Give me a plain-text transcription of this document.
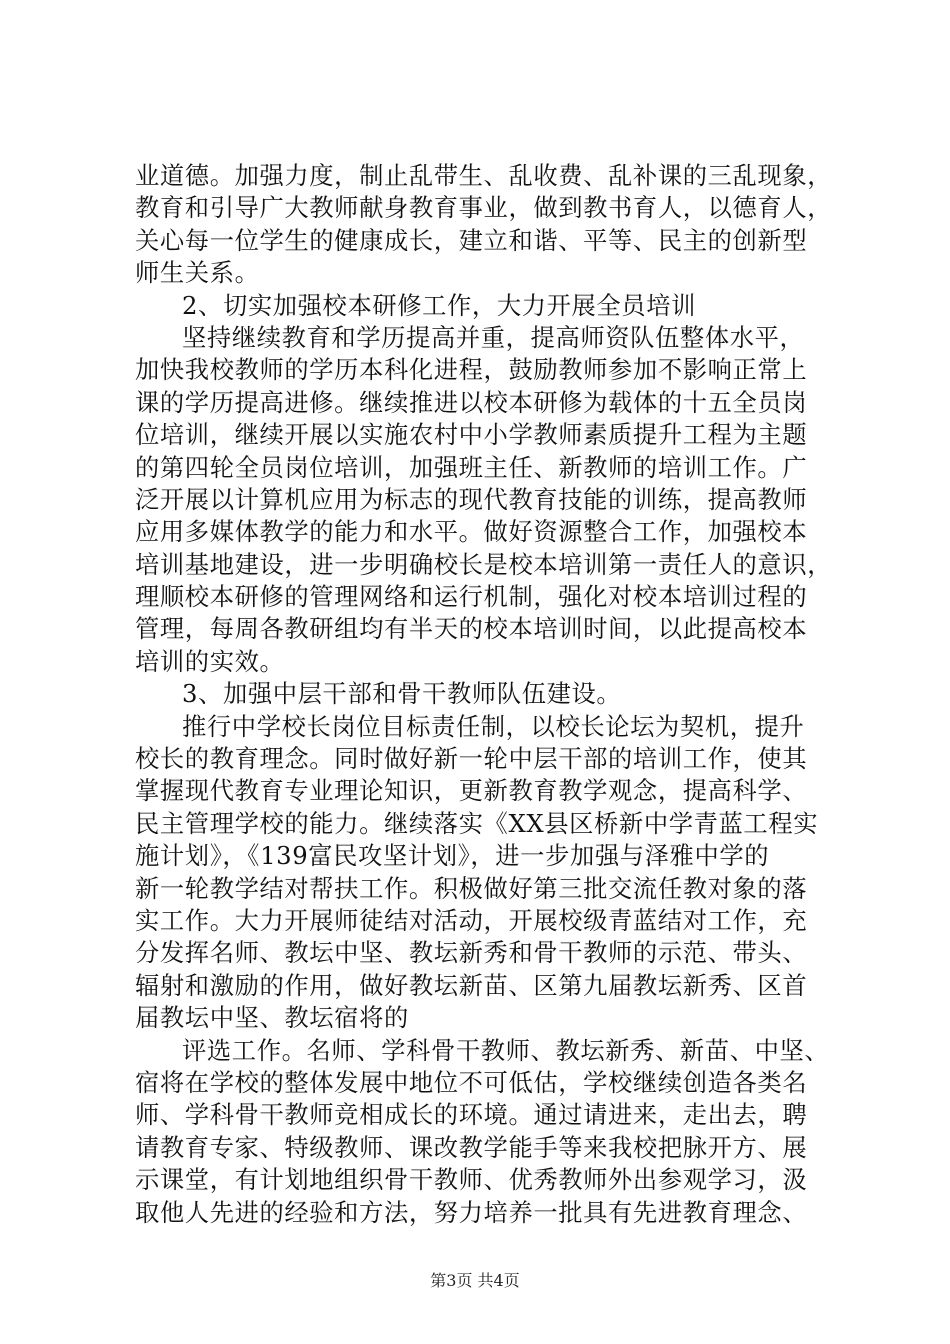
业道德。加强力度，制止乱带生、乱收费、乱补课的三乱现象，
教育和引导广大教师献身教育事业，做到教书育人，以德育人，
关心每一位学生的健康成长，建立和谐、平等、民主的创新型
师生关系。
2、切实加强校本研修工作，大力开展全员培训
坚持继续教育和学历提高并重，提高师资队伍整体水平，
加快我校教师的学历本科化进程，鼓励教师参加不影响正常上
课的学历提高进修。继续推进以校本研修为载体的十五全员岗
位培训，继续开展以实施农村中小学教师素质提升工程为主题
的第四轮全员岗位培训，加强班主任、新教师的培训工作。广
泛开展以计算机应用为标志的现代教育技能的训练，提高教师
应用多媒体教学的能力和水平。做好资源整合工作，加强校本
培训基地建设，进一步明确校长是校本培训第一责任人的意识，
理顺校本研修的管理网络和运行机制，强化对校本培训过程的
管理，每周各教研组均有半天的校本培训时间，以此提高校本
培训的实效。
3、加强中层干部和骨干教师队伍建设。
推行中学校长岗位目标责任制，以校长论坛为契机，提升
校长的教育理念。同时做好新一轮中层干部的培训工作，使其
掌握现代教育专业理论知识，更新教育教学观念，提高科学、
民主管理学校的能力。继续落实《XX县区桥新中学青蓝工程实
施计划》，《139富民攻坚计划》，进一步加强与泽雅中学的
新一轮教学结对帮扶工作。积极做好第三批交流任教对象的落
实工作。大力开展师徒结对活动，开展校级青蓝结对工作，充
分发挥名师、教坛中坚、教坛新秀和骨干教师的示范、带头、
辐射和激励的作用，做好教坛新苗、区第九届教坛新秀、区首
届教坛中坚、教坛宿将的
评选工作。名师、学科骨干教师、教坛新秀、新苗、中坚、
宿将在学校的整体发展中地位不可低估，学校继续创造各类名
师、学科骨干教师竞相成长的环境。通过请进来，走出去，聘
请教育专家、特级教师、课改教学能手等来我校把脉开方、展
示课堂，有计划地组织骨干教师、优秀教师外出参观学习，汲
取他人先进的经验和方法，努力培养一批具有先进教育理念、
第3页 共4页
